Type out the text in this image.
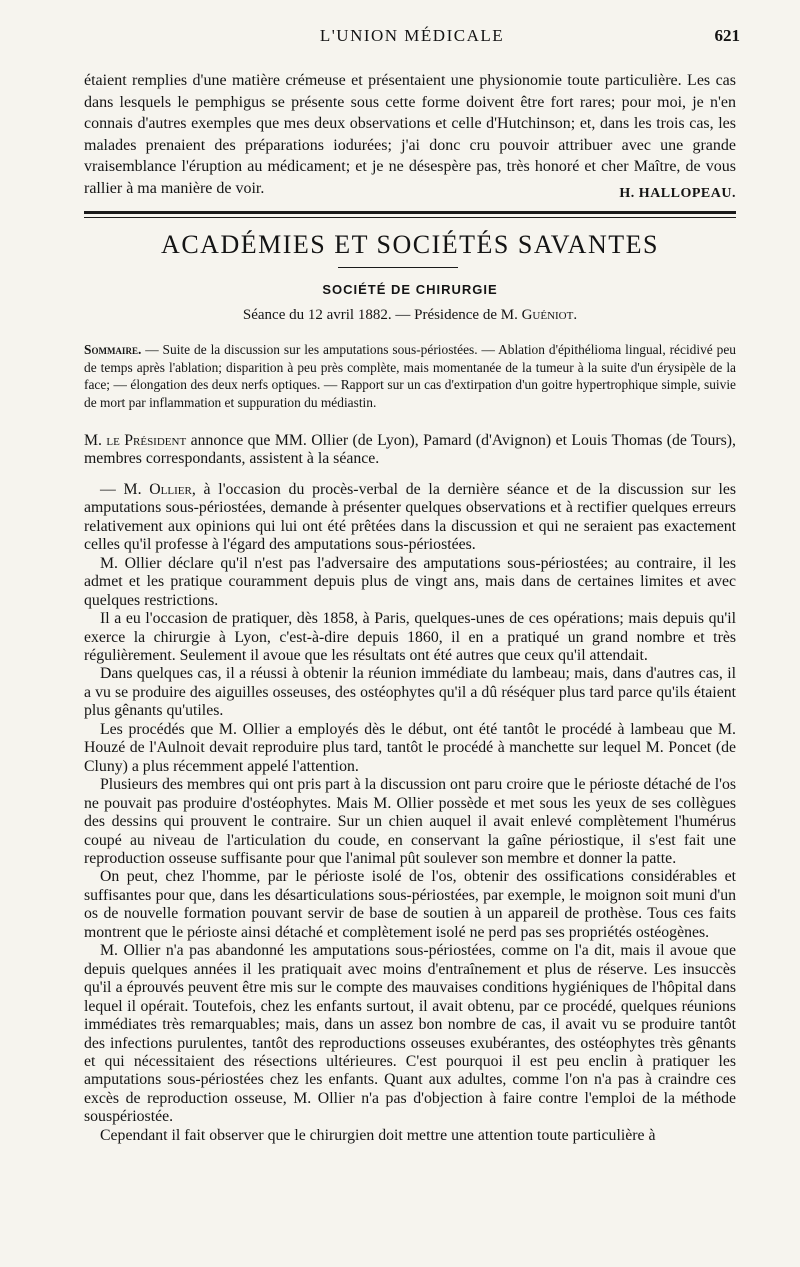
L'UNION MÉDICALE	621

étaient remplies d'une matière crémeuse et présentaient une physionomie toute particulière. Les cas dans lesquels le pemphigus se présente sous cette forme doivent être fort rares; pour moi, je n'en connais d'autres exemples que mes deux observations et celle d'Hutchinson; et, dans les trois cas, les malades prenaient des préparations iodurées; j'ai donc cru pouvoir attribuer avec une grande vraisemblance l'éruption au médicament; et je ne désespère pas, très honoré et cher Maître, de vous rallier à ma manière de voir.	H. HALLOPEAU.
ACADÉMIES ET SOCIÉTÉS SAVANTES
SOCIÉTÉ DE CHIRURGIE
Séance du 12 avril 1882. — Présidence de M. Guéniot.
Sommaire. — Suite de la discussion sur les amputations sous-périostées. — Ablation d'épithélioma lingual, récidivé peu de temps après l'ablation; disparition à peu près complète, mais momentanée de la tumeur à la suite d'un érysipèle de la face; — élongation des deux nerfs optiques. — Rapport sur un cas d'extirpation d'un goitre hypertrophique simple, suivie de mort par inflammation et suppuration du médiastin.

M. le Président annonce que MM. Ollier (de Lyon), Pamard (d'Avignon) et Louis Thomas (de Tours), membres correspondants, assistent à la séance.

— M. Ollier, à l'occasion du procès-verbal de la dernière séance et de la discussion sur les amputations sous-périostées, demande à présenter quelques observations et à rectifier quelques erreurs relativement aux opinions qui lui ont été prêtées dans la discussion et qui ne seraient pas exactement celles qu'il professe à l'égard des amputations sous-périostées.

M. Ollier déclare qu'il n'est pas l'adversaire des amputations sous-périostées; au contraire, il les admet et les pratique couramment depuis plus de vingt ans, mais dans de certaines limites et avec quelques restrictions.

Il a eu l'occasion de pratiquer, dès 1858, à Paris, quelques-unes de ces opérations; mais depuis qu'il exerce la chirurgie à Lyon, c'est-à-dire depuis 1860, il en a pratiqué un grand nombre et très régulièrement. Seulement il avoue que les résultats ont été autres que ceux qu'il attendait.

Dans quelques cas, il a réussi à obtenir la réunion immédiate du lambeau; mais, dans d'autres cas, il a vu se produire des aiguilles osseuses, des ostéophytes qu'il a dû réséquer plus tard parce qu'ils étaient plus gênants qu'utiles.

Les procédés que M. Ollier a employés dès le début, ont été tantôt le procédé à lambeau que M. Houzé de l'Aulnoit devait reproduire plus tard, tantôt le procédé à manchette sur lequel M. Poncet (de Cluny) a plus récemment appelé l'attention.

Plusieurs des membres qui ont pris part à la discussion ont paru croire que le périoste détaché de l'os ne pouvait pas produire d'ostéophytes. Mais M. Ollier possède et met sous les yeux de ses collègues des dessins qui prouvent le contraire. Sur un chien auquel il avait enlevé complètement l'humérus coupé au niveau de l'articulation du coude, en conservant la gaîne périostique, il s'est fait une reproduction osseuse suffisante pour que l'animal pût soulever son membre et donner la patte.

On peut, chez l'homme, par le périoste isolé de l'os, obtenir des ossifications considérables et suffisantes pour que, dans les désarticulations sous-périostées, par exemple, le moignon soit muni d'un os de nouvelle formation pouvant servir de base de soutien à un appareil de prothèse. Tous ces faits montrent que le périoste ainsi détaché et complètement isolé ne perd pas ses propriétés ostéogènes.

M. Ollier n'a pas abandonné les amputations sous-périostées, comme on l'a dit, mais il avoue que depuis quelques années il les pratiquait avec moins d'entraînement et plus de réserve. Les insuccès qu'il a éprouvés peuvent être mis sur le compte des mauvaises conditions hygiéniques de l'hôpital dans lequel il opérait. Toutefois, chez les enfants surtout, il avait obtenu, par ce procédé, quelques réunions immédiates très remarquables; mais, dans un assez bon nombre de cas, il avait vu se produire tantôt des infections purulentes, tantôt des reproductions osseuses exubérantes, des ostéophytes très gênants et qui nécessitaient des résections ultérieures. C'est pourquoi il est peu enclin à pratiquer les amputations sous-périostées chez les enfants. Quant aux adultes, comme l'on n'a pas à craindre ces excès de reproduction osseuse, M. Ollier n'a pas d'objection à faire contre l'emploi de la méthode souspériostée.

Cependant il fait observer que le chirurgien doit mettre une attention toute particulière à
